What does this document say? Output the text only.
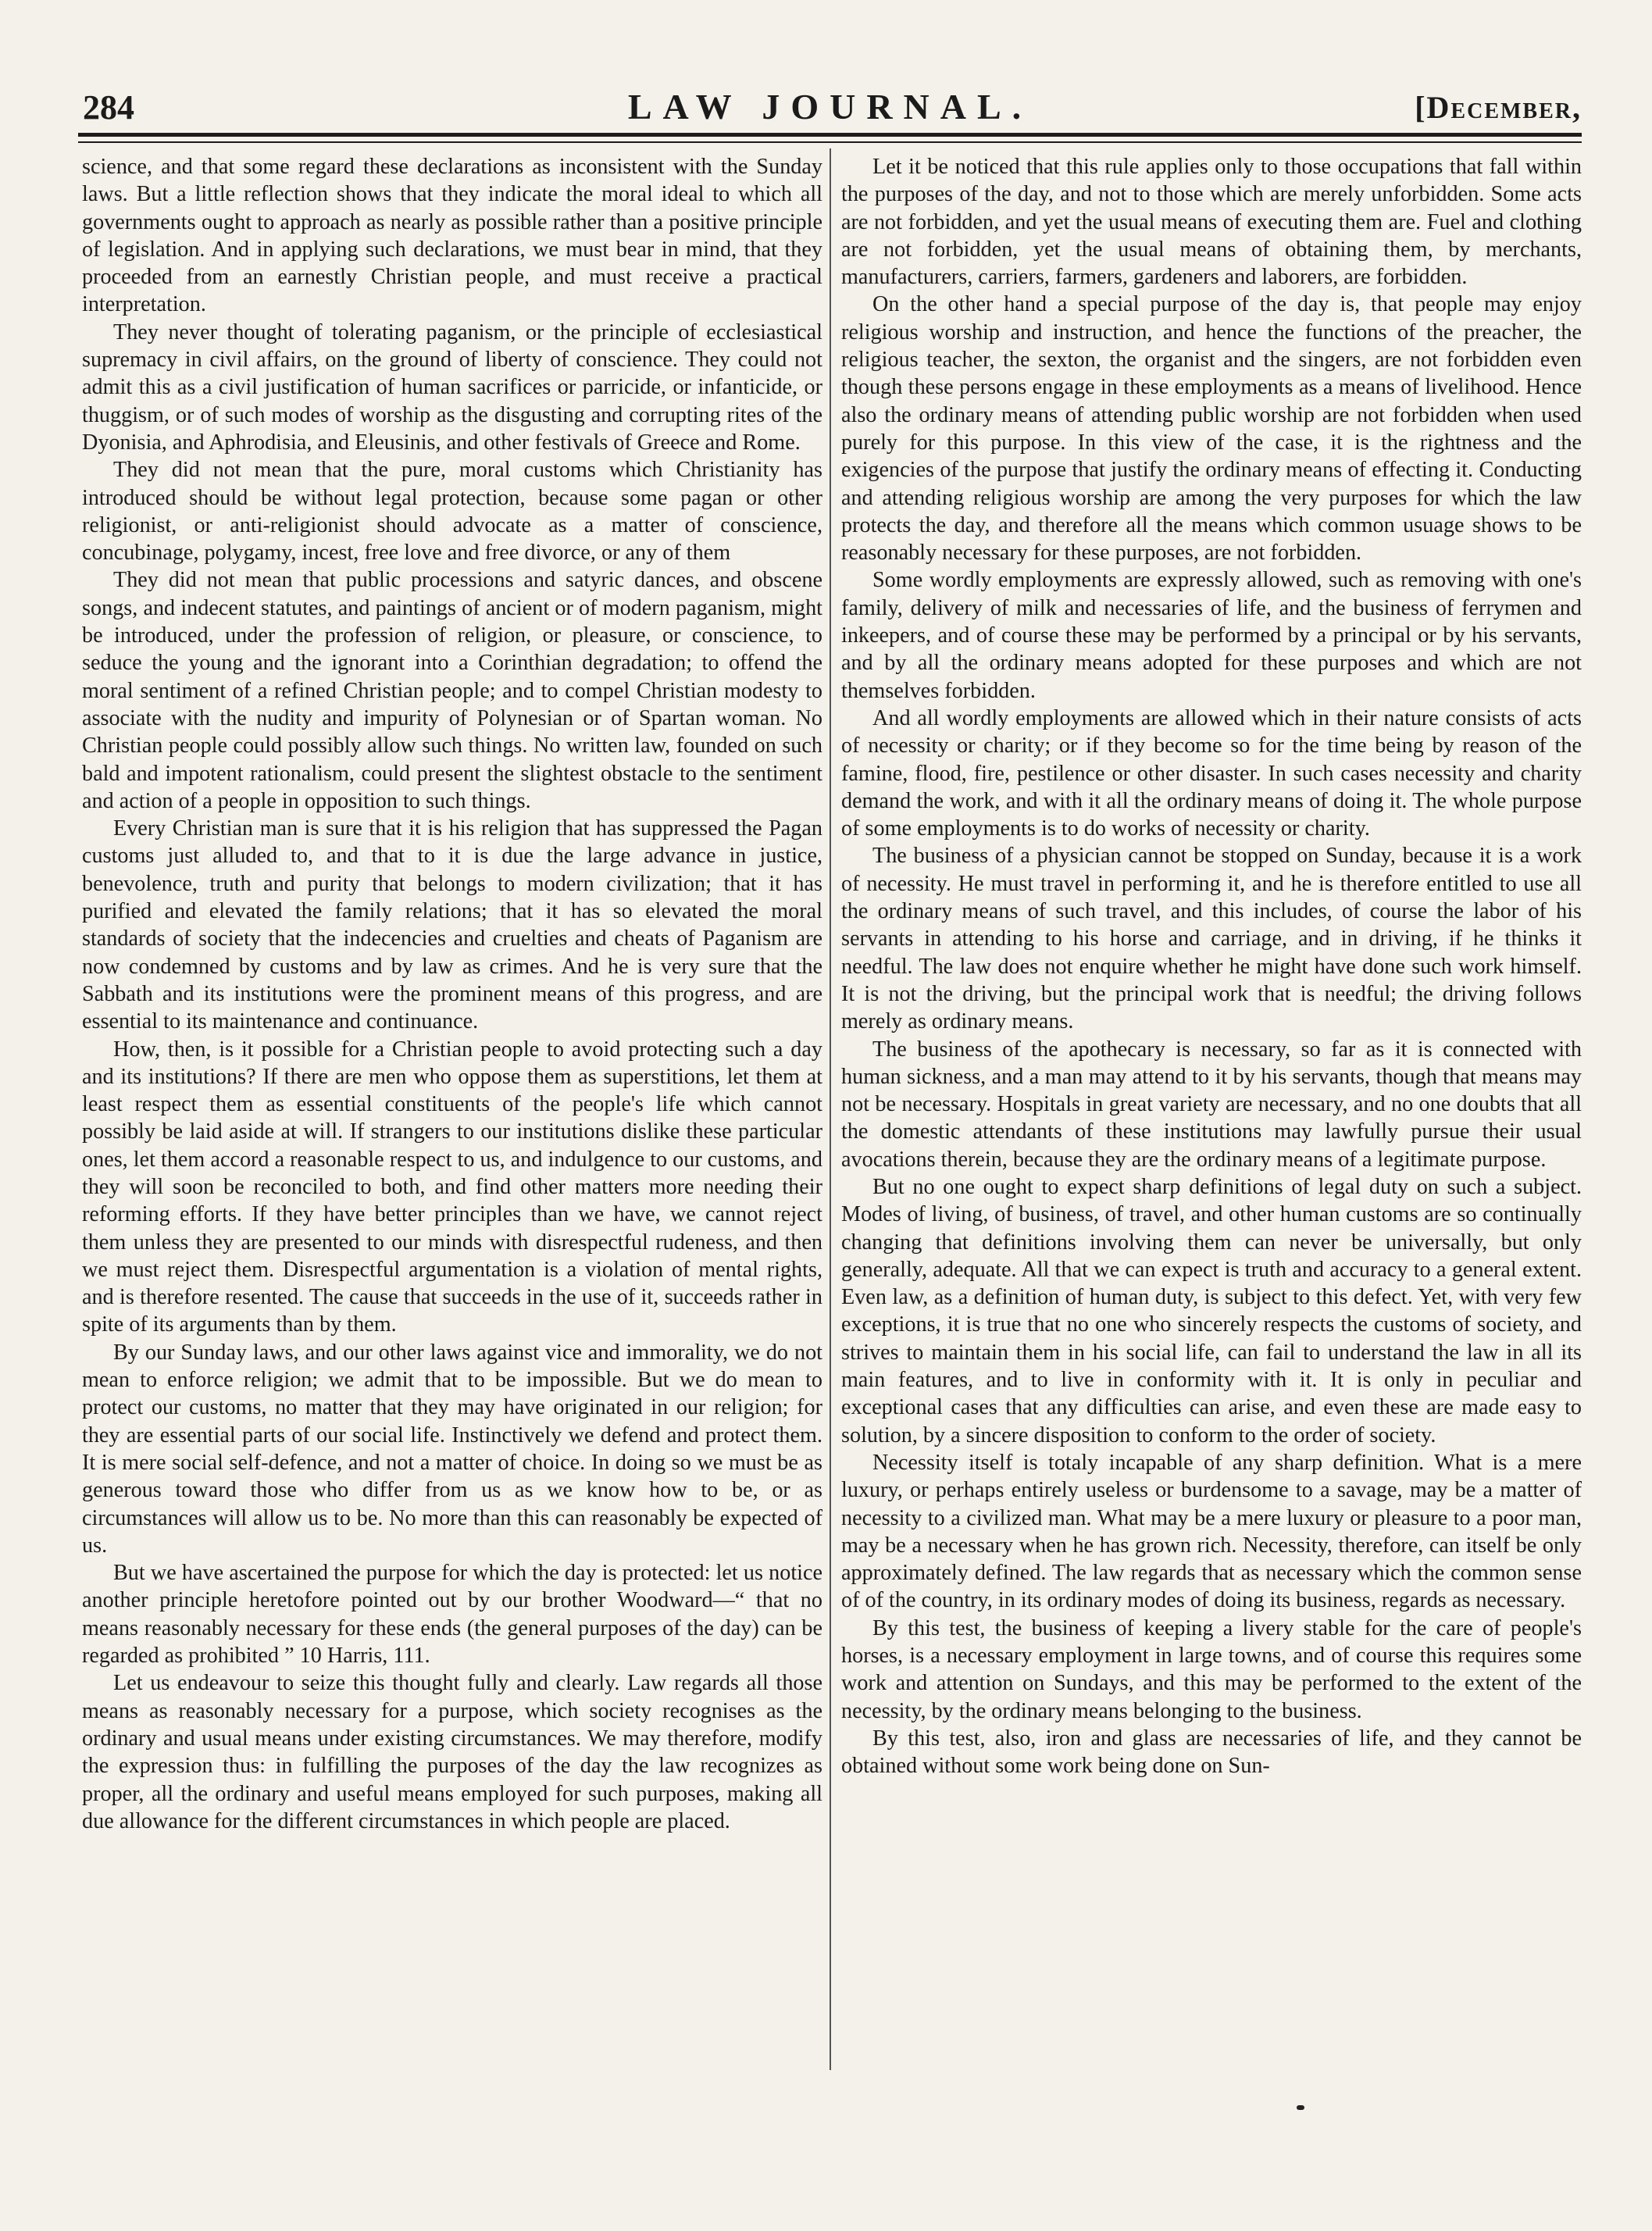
284	LAW JOURNAL.	[December,

science, and that some regard these declarations as inconsistent with the Sunday laws. But a little reflection shows that they indicate the moral ideal to which all governments ought to approach as nearly as possible rather than a positive principle of legislation. And in applying such declarations, we must bear in mind, that they proceeded from an earnestly Christian people, and must receive a practical interpretation.

They never thought of tolerating paganism, or the principle of ecclesiastical supremacy in civil affairs, on the ground of liberty of conscience. They could not admit this as a civil justification of human sacrifices or parricide, or infanticide, or thuggism, or of such modes of worship as the disgusting and corrupting rites of the Dyonisia, and Aphrodisia, and Eleusinis, and other festivals of Greece and Rome.

They did not mean that the pure, moral customs which Christianity has introduced should be without legal protection, because some pagan or other religionist, or anti-religionist should advocate as a matter of conscience, concubinage, polygamy, incest, free love and free divorce, or any of them

They did not mean that public processions and satyric dances, and obscene songs, and indecent statutes, and paintings of ancient or of modern paganism, might be introduced, under the profession of religion, or pleasure, or conscience, to seduce the young and the ignorant into a Corinthian degradation; to offend the moral sentiment of a refined Christian people; and to compel Christian modesty to associate with the nudity and impurity of Polynesian or of Spartan woman. No Christian people could possibly allow such things. No written law, founded on such bald and impotent rationalism, could present the slightest obstacle to the sentiment and action of a people in opposition to such things.

Every Christian man is sure that it is his religion that has suppressed the Pagan customs just alluded to, and that to it is due the large advance in justice, benevolence, truth and purity that belongs to modern civilization; that it has purified and elevated the family relations; that it has so elevated the moral standards of society that the indecencies and cruelties and cheats of Paganism are now condemned by customs and by law as crimes. And he is very sure that the Sabbath and its institutions were the prominent means of this progress, and are essential to its maintenance and continuance.

How, then, is it possible for a Christian people to avoid protecting such a day and its institutions? If there are men who oppose them as superstitions, let them at least respect them as essential constituents of the people's life which cannot possibly be laid aside at will. If strangers to our institutions dislike these particular ones, let them accord a reasonable respect to us, and indulgence to our customs, and they will soon be reconciled to both, and find other matters more needing their reforming efforts. If they have better principles than we have, we cannot reject them unless they are presented to our minds with disrespectful rudeness, and then we must reject them. Disrespectful argumentation is a violation of mental rights, and is therefore resented. The cause that succeeds in the use of it, succeeds rather in spite of its arguments than by them.

By our Sunday laws, and our other laws against vice and immorality, we do not mean to enforce religion; we admit that to be impossible. But we do mean to protect our customs, no matter that they may have originated in our religion; for they are essential parts of our social life. Instinctively we defend and protect them. It is mere social self-defence, and not a matter of choice. In doing so we must be as generous toward those who differ from us as we know how to be, or as circumstances will allow us to be. No more than this can reasonably be expected of us.

But we have ascertained the purpose for which the day is protected: let us notice another principle heretofore pointed out by our brother Woodward—“ that no means reasonably necessary for these ends (the general purposes of the day) can be regarded as prohibited ” 10 Harris, 111.

Let us endeavour to seize this thought fully and clearly. Law regards all those means as reasonably necessary for a purpose, which society recognises as the ordinary and usual means under existing circumstances. We may therefore, modify the expression thus: in fulfilling the purposes of the day the law recognizes as proper, all the ordinary and useful means employed for such purposes, making all due allowance for the different circumstances in which people are placed.

Let it be noticed that this rule applies only to those occupations that fall within the purposes of the day, and not to those which are merely unforbidden. Some acts are not forbidden, and yet the usual means of executing them are. Fuel and clothing are not forbidden, yet the usual means of obtaining them, by merchants, manufacturers, carriers, farmers, gardeners and laborers, are forbidden.

On the other hand a special purpose of the day is, that people may enjoy religious worship and instruction, and hence the functions of the preacher, the religious teacher, the sexton, the organist and the singers, are not forbidden even though these persons engage in these employments as a means of livelihood. Hence also the ordinary means of attending public worship are not forbidden when used purely for this purpose. In this view of the case, it is the rightness and the exigencies of the purpose that justify the ordinary means of effecting it. Conducting and attending religious worship are among the very purposes for which the law protects the day, and therefore all the means which common usuage shows to be reasonably necessary for these purposes, are not forbidden.

Some wordly employments are expressly allowed, such as removing with one's family, delivery of milk and necessaries of life, and the business of ferrymen and inkeepers, and of course these may be performed by a principal or by his servants, and by all the ordinary means adopted for these purposes and which are not themselves forbidden.

And all wordly employments are allowed which in their nature consists of acts of necessity or charity; or if they become so for the time being by reason of the famine, flood, fire, pestilence or other disaster. In such cases necessity and charity demand the work, and with it all the ordinary means of doing it. The whole purpose of some employments is to do works of necessity or charity.

The business of a physician cannot be stopped on Sunday, because it is a work of necessity. He must travel in performing it, and he is therefore entitled to use all the ordinary means of such travel, and this includes, of course the labor of his servants in attending to his horse and carriage, and in driving, if he thinks it needful. The law does not enquire whether he might have done such work himself. It is not the driving, but the principal work that is needful; the driving follows merely as ordinary means.

The business of the apothecary is necessary, so far as it is connected with human sickness, and a man may attend to it by his servants, though that means may not be necessary. Hospitals in great variety are necessary, and no one doubts that all the domestic attendants of these institutions may lawfully pursue their usual avocations therein, because they are the ordinary means of a legitimate purpose.

But no one ought to expect sharp definitions of legal duty on such a subject. Modes of living, of business, of travel, and other human customs are so continually changing that definitions involving them can never be universally, but only generally, adequate. All that we can expect is truth and accuracy to a general extent. Even law, as a definition of human duty, is subject to this defect. Yet, with very few exceptions, it is true that no one who sincerely respects the customs of society, and strives to maintain them in his social life, can fail to understand the law in all its main features, and to live in conformity with it. It is only in peculiar and exceptional cases that any difficulties can arise, and even these are made easy to solution, by a sincere disposition to conform to the order of society.

Necessity itself is totaly incapable of any sharp definition. What is a mere luxury, or perhaps entirely useless or burdensome to a savage, may be a matter of necessity to a civilized man. What may be a mere luxury or pleasure to a poor man, may be a necessary when he has grown rich. Necessity, therefore, can itself be only approximately defined. The law regards that as necessary which the common sense of of the country, in its ordinary modes of doing its business, regards as necessary.

By this test, the business of keeping a livery stable for the care of people's horses, is a necessary employment in large towns, and of course this requires some work and attention on Sundays, and this may be performed to the extent of the necessity, by the ordinary means belonging to the business.

By this test, also, iron and glass are necessaries of life, and they cannot be obtained without some work being done on Sun-
